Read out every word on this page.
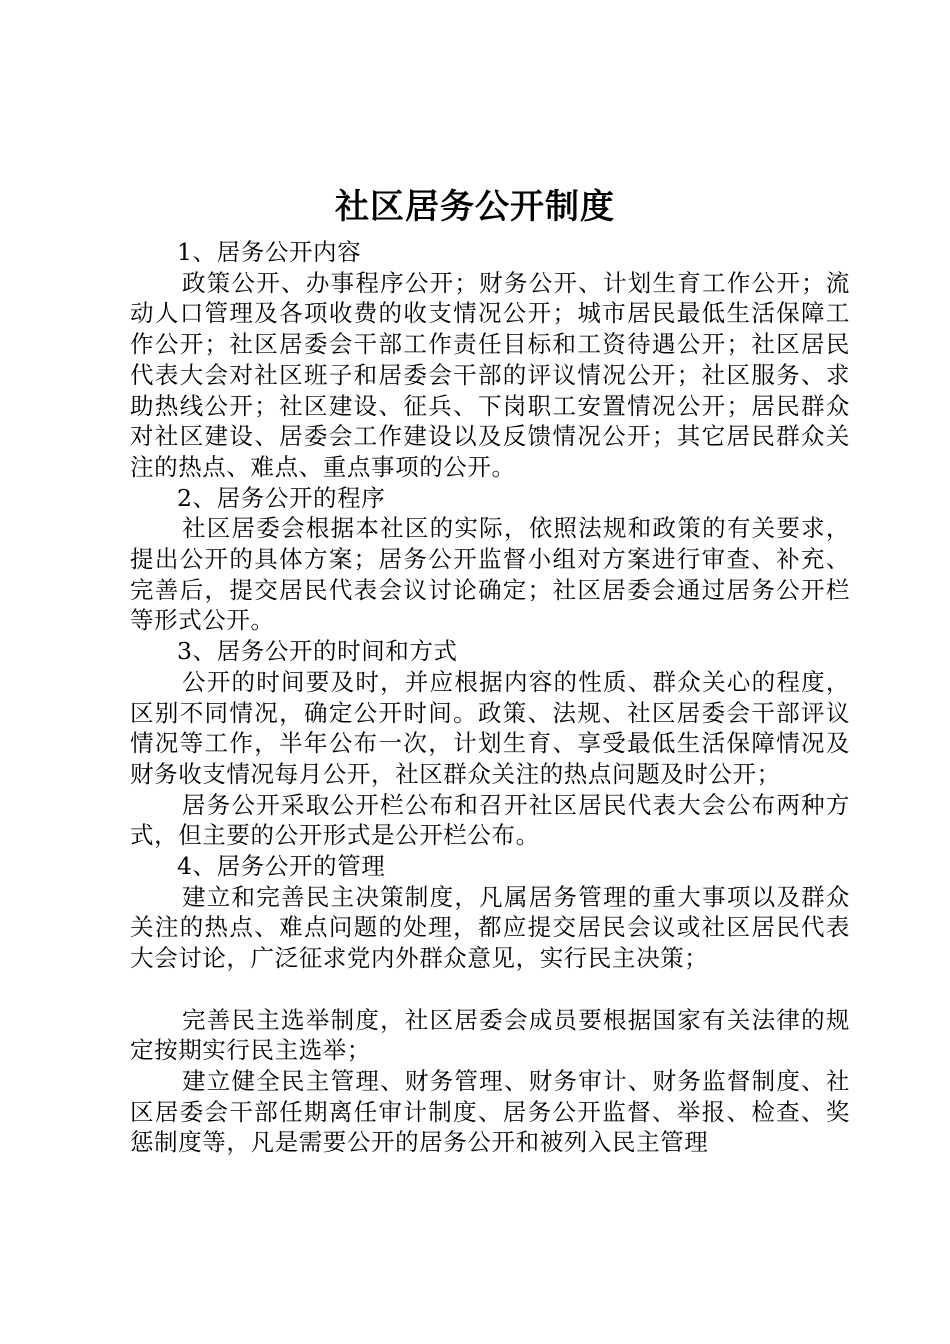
社区居务公开制度

1、居务公开内容

政策公开、办事程序公开；财务公开、计划生育工作公开；流动人口管理及各项收费的收支情况公开；城市居民最低生活保障工作公开；社区居委会干部工作责任目标和工资待遇公开；社区居民代表大会对社区班子和居委会干部的评议情况公开；社区服务、求助热线公开；社区建设、征兵、下岗职工安置情况公开；居民群众对社区建设、居委会工作建设以及反馈情况公开；其它居民群众关注的热点、难点、重点事项的公开。

2、居务公开的程序

社区居委会根据本社区的实际，依照法规和政策的有关要求，提出公开的具体方案；居务公开监督小组对方案进行审查、补充、完善后，提交居民代表会议讨论确定；社区居委会通过居务公开栏等形式公开。

3、居务公开的时间和方式

公开的时间要及时，并应根据内容的性质、群众关心的程度，区别不同情况，确定公开时间。政策、法规、社区居委会干部评议情况等工作，半年公布一次，计划生育、享受最低生活保障情况及财务收支情况每月公开，社区群众关注的热点问题及时公开；

居务公开采取公开栏公布和召开社区居民代表大会公布两种方式，但主要的公开形式是公开栏公布。

4、居务公开的管理

建立和完善民主决策制度，凡属居务管理的重大事项以及群众关注的热点、难点问题的处理，都应提交居民会议或社区居民代表大会讨论，广泛征求党内外群众意见，实行民主决策；

完善民主选举制度，社区居委会成员要根据国家有关法律的规定按期实行民主选举；

建立健全民主管理、财务管理、财务审计、财务监督制度、社区居委会干部任期离任审计制度、居务公开监督、举报、检查、奖惩制度等，凡是需要公开的居务公开和被列入民主管理
